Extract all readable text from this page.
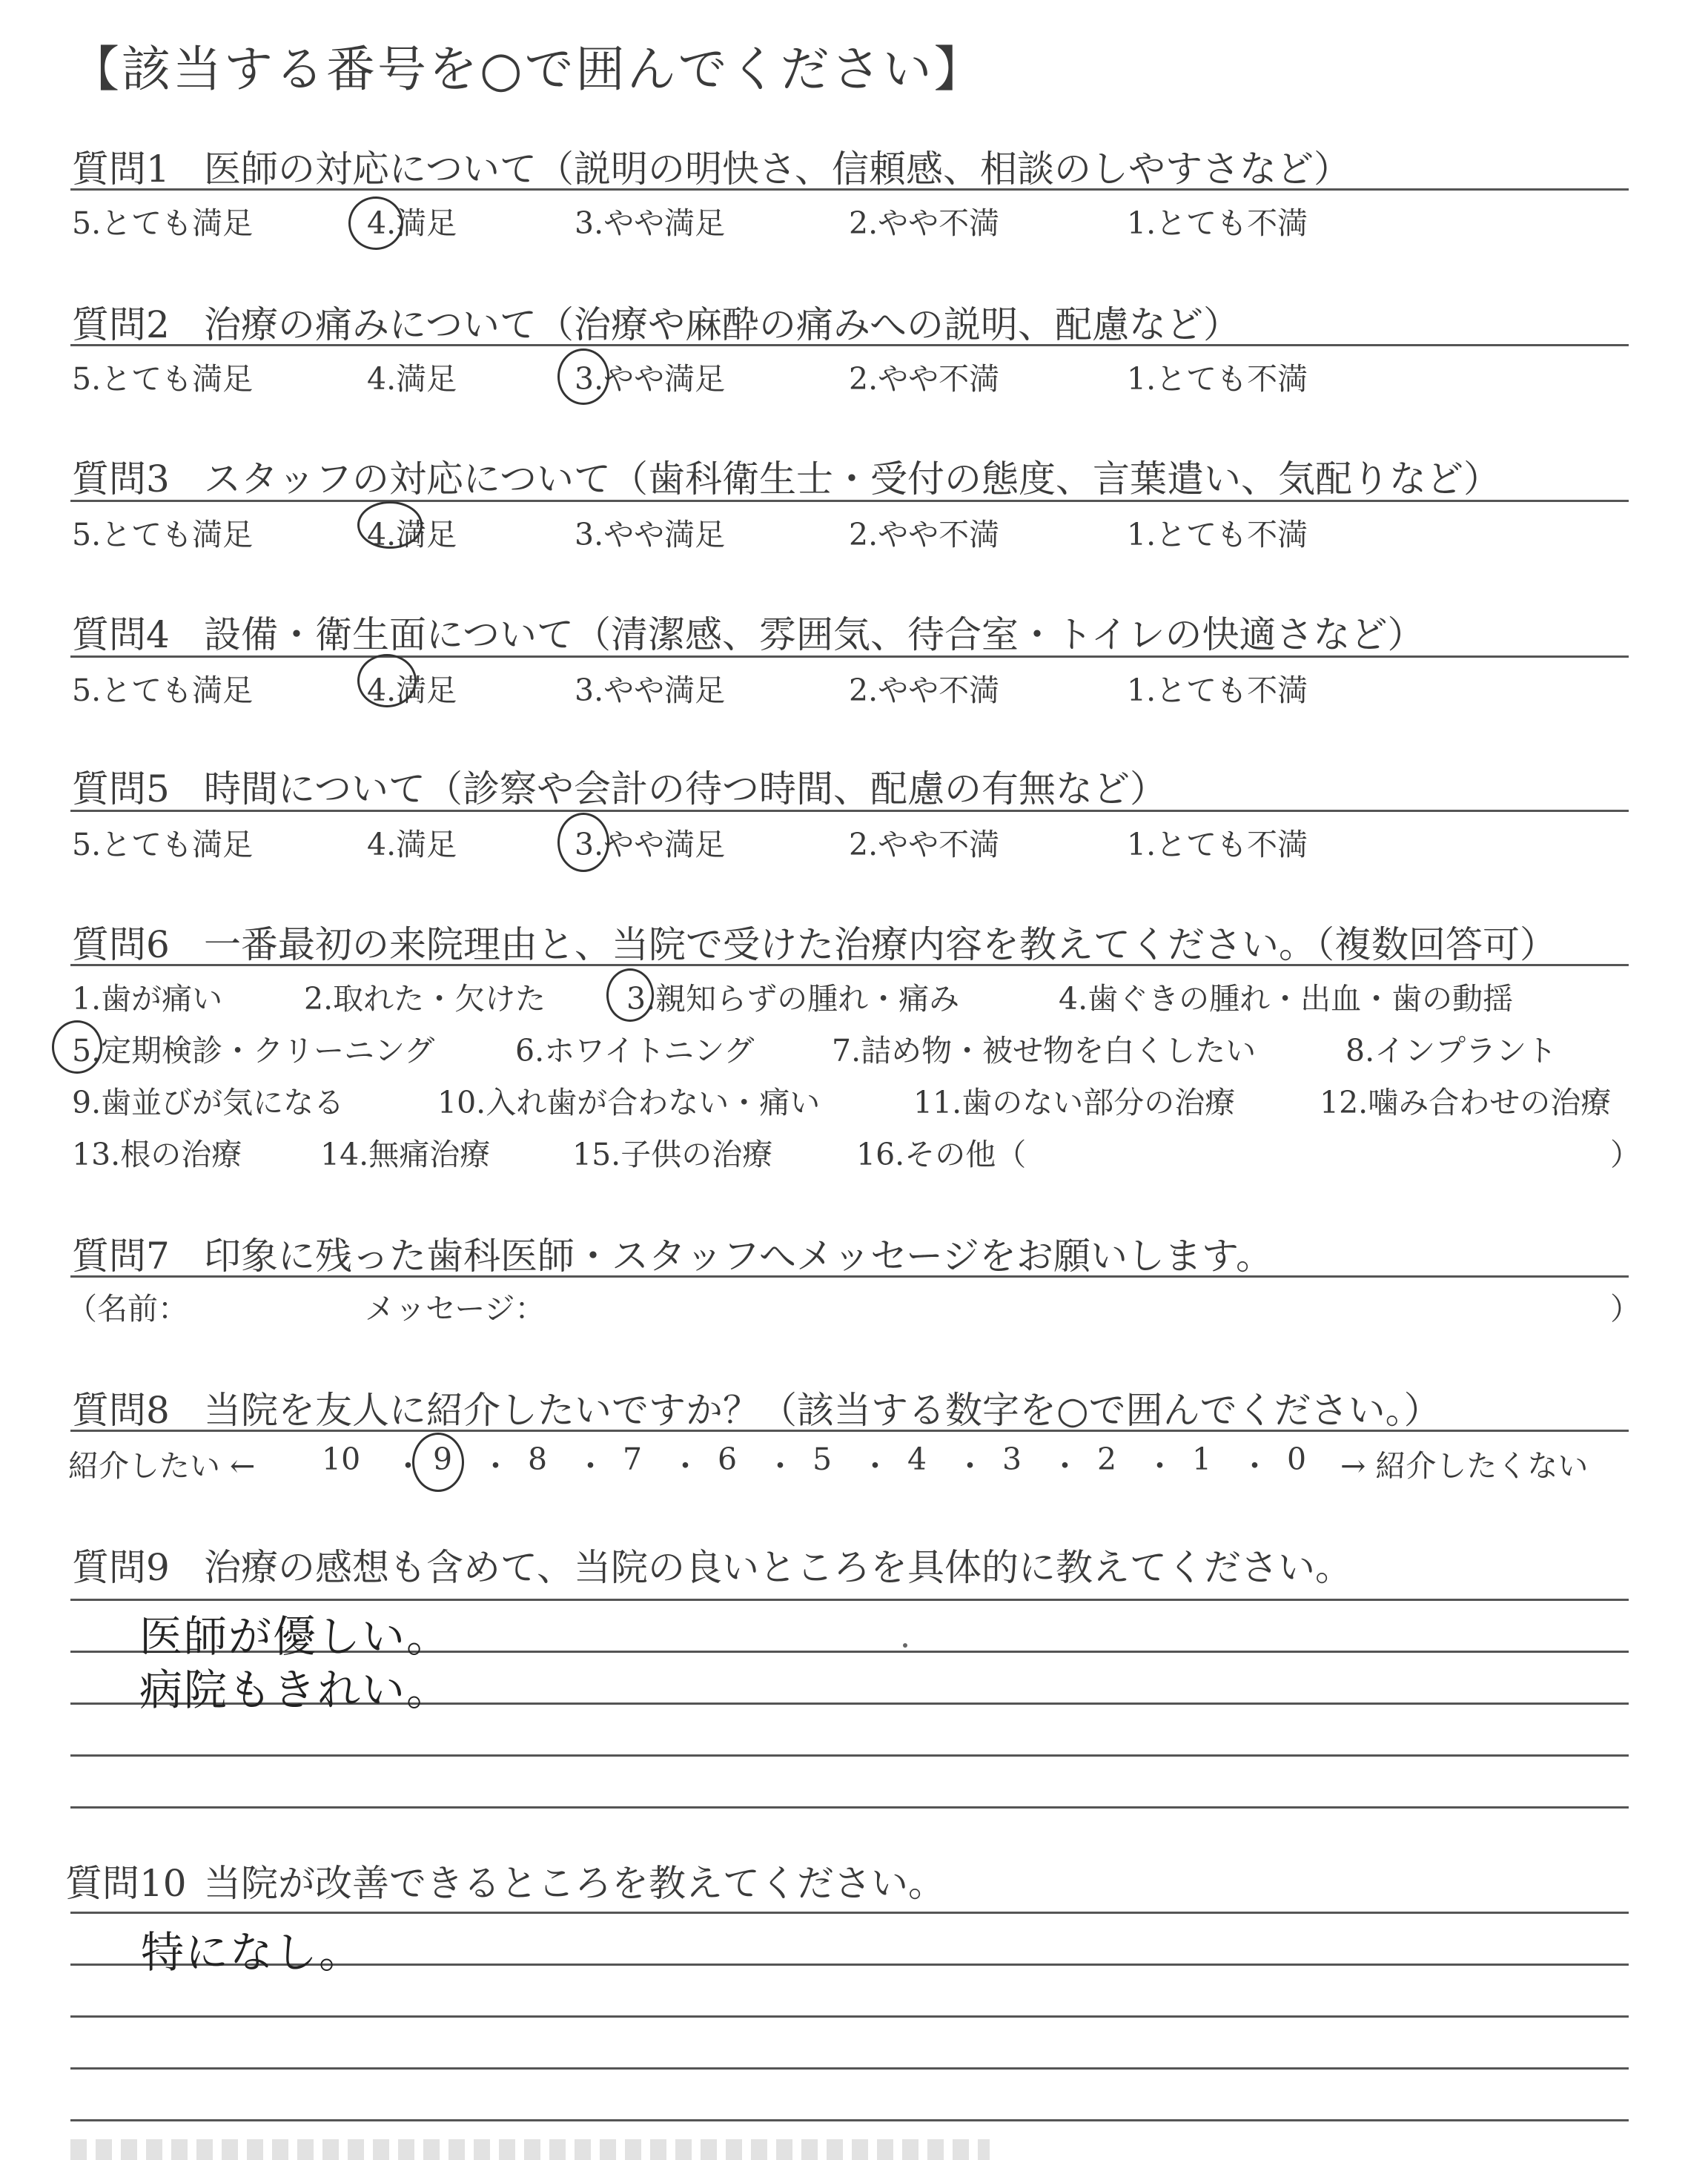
【該当する番号を○で囲んでください】
質問1 医師の対応について（説明の明快さ、信頼感、相談のしやすさなど）
5.とても満足	4.満足	3.やや満足	2.やや不満	1.とても不満
質問2 治療の痛みについて（治療や麻酔の痛みへの説明、配慮など）
5.とても満足	4.満足	3.やや満足	2.やや不満	1.とても不満
質問3 スタッフの対応について（歯科衛生士・受付の態度、言葉遣い、気配りなど）
5.とても満足	4.満足	3.やや満足	2.やや不満	1.とても不満
質問4 設備・衛生面について（清潔感、雰囲気、待合室・トイレの快適さなど）
5.とても満足	4.満足	3.やや満足	2.やや不満	1.とても不満
質問5 時間について（診察や会計の待つ時間、配慮の有無など）
5.とても満足	4.満足	3.やや満足	2.やや不満	1.とても不満
質問6 一番最初の来院理由と、当院で受けた治療内容を教えてください。（複数回答可）
1.歯が痛い	2.取れた・欠けた	3.親知らずの腫れ・痛み	4.歯ぐきの腫れ・出血・歯の動揺
5.定期検診・クリーニング	6.ホワイトニング	7.詰め物・被せ物を白くしたい	8.インプラント
9.歯並びが気になる	10.入れ歯が合わない・痛い	11.歯のない部分の治療	12.噛み合わせの治療
13.根の治療	14.無痛治療	15.子供の治療	16.その他（	）
質問7 印象に残った歯科医師・スタッフへメッセージをお願いします。
（名前：	メッセージ：	）
質問8 当院を友人に紹介したいですか？（該当する数字を○で囲んでください。）
紹介したい ←	→ 紹介したくない
10 ・ 9 ・ 8 ・ 7 ・ 6 ・ 5 ・ 4 ・ 3 ・ 2 ・ 1 ・ 0
質問9 治療の感想も含めて、当院の良いところを具体的に教えてください。
医師が優しい。
病院もきれい。
質問10 当院が改善できるところを教えてください。
特になし。
